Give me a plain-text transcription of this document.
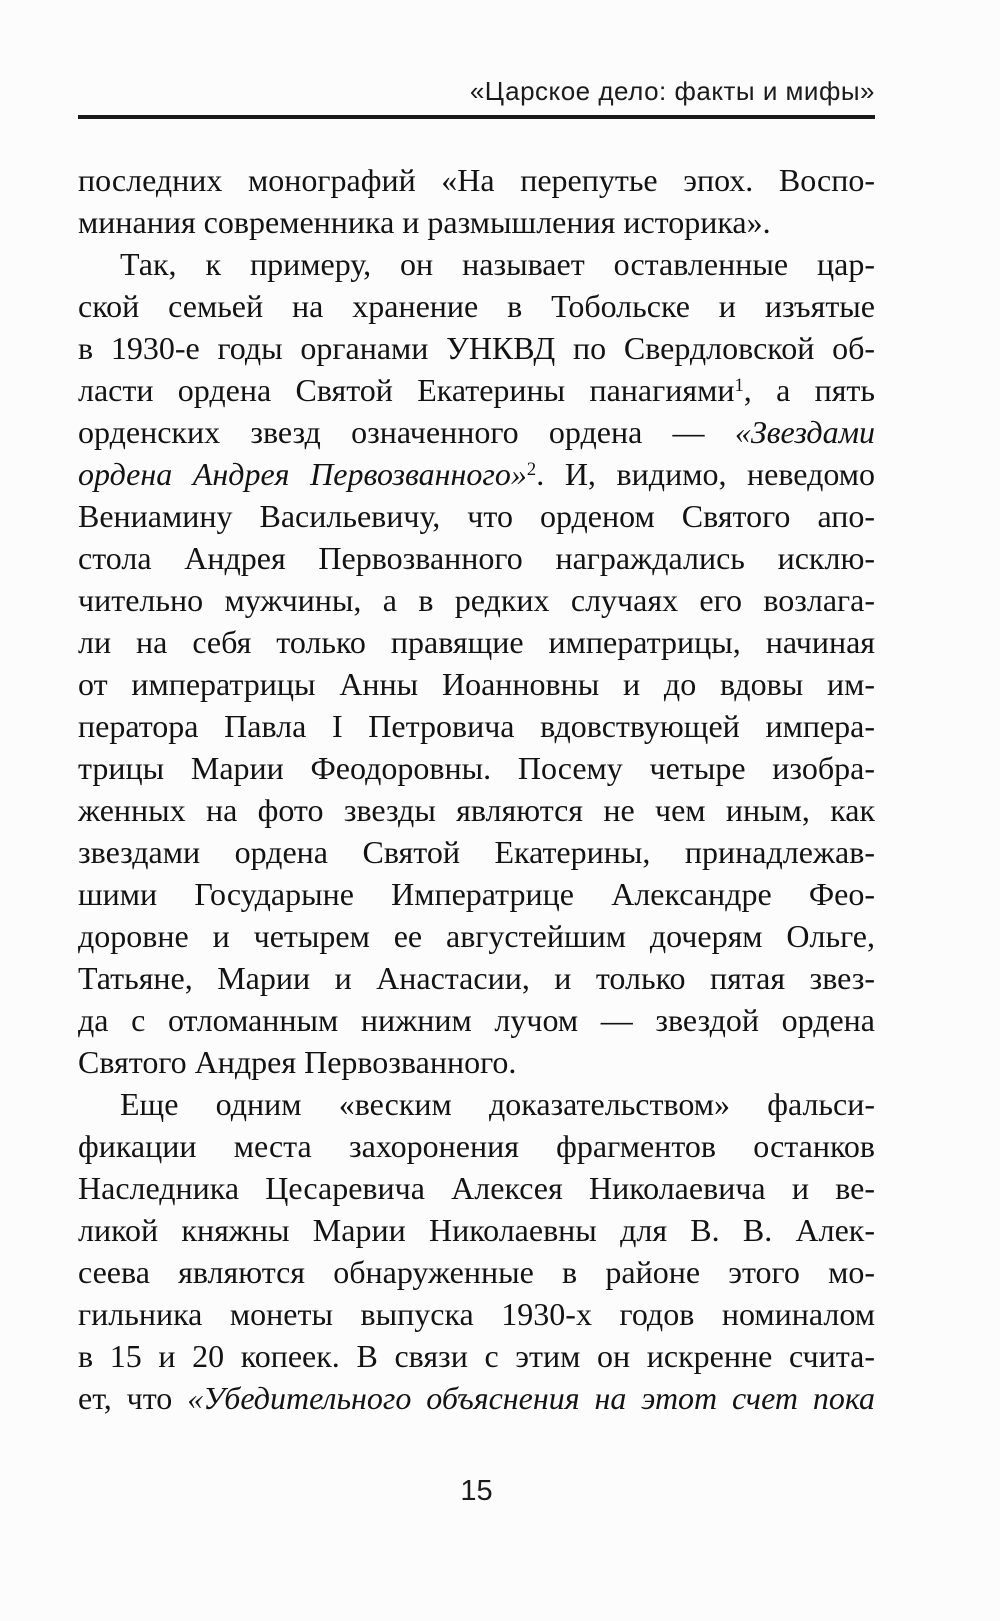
«Царское дело: факты и мифы»
последних монографий «На перепутье эпох. Воспо-
минания современника и размышления историка».
Так, к примеру, он называет оставленные цар-
ской семьей на хранение в Тобольске и изъятые
в 1930-е годы органами УНКВД по Свердловской об-
ласти ордена Святой Екатерины панагиями$^1$, а пять
орденских звезд означенного ордена — «Звездами
ордена Андрея Первозванного»$^2$. И, видимо, неведомо
Вениамину Васильевичу, что орденом Святого апо-
стола Андрея Первозванного награждались исклю-
чительно мужчины, а в редких случаях его возлага-
ли на себя только правящие императрицы, начиная
от императрицы Анны Иоанновны и до вдовы им-
ператора Павла I Петровича вдовствующей импера-
трицы Марии Феодоровны. Посему четыре изобра-
женных на фото звезды являются не чем иным, как
звездами ордена Святой Екатерины, принадлежав-
шими Государыне Императрице Александре Фео-
доровне и четырем ее августейшим дочерям Ольге,
Татьяне, Марии и Анастасии, и только пятая звез-
да с отломанным нижним лучом — звездой ордена
Святого Андрея Первозванного.
Еще одним «веским доказательством» фальси-
фикации места захоронения фрагментов останков
Наследника Цесаревича Алексея Николаевича и ве-
ликой княжны Марии Николаевны для В. В. Алек-
сеева являются обнаруженные в районе этого мо-
гильника монеты выпуска 1930-х годов номиналом
в 15 и 20 копеек. В связи с этим он искренне счита-
ет, что «Убедительного объяснения на этот счет пока
15
